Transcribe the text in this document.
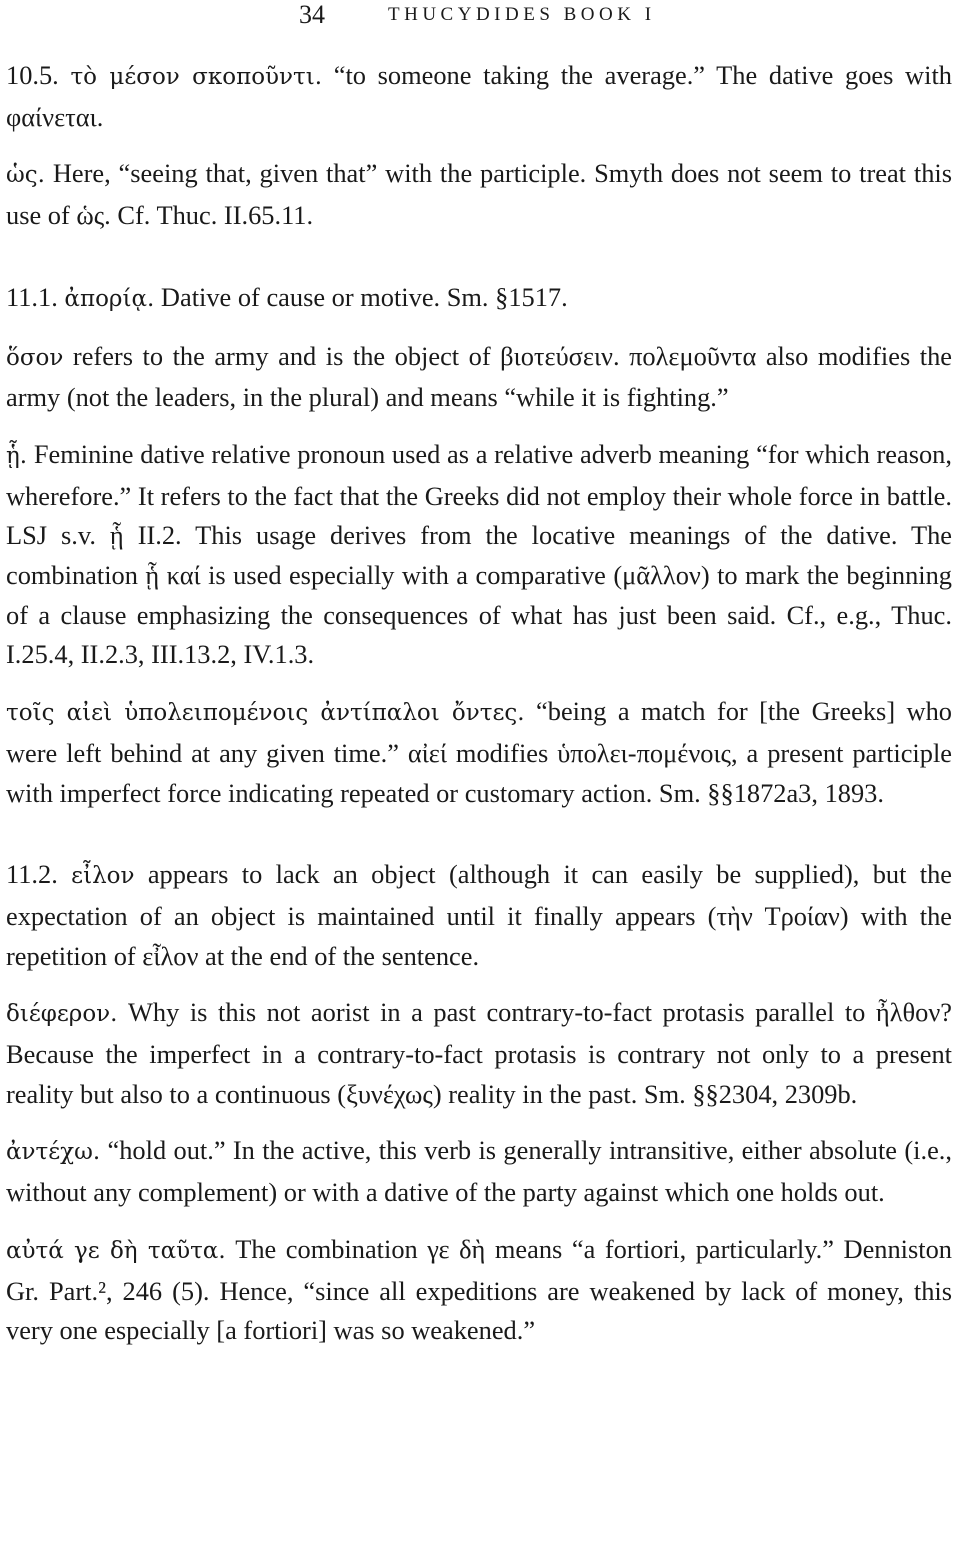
34	THUCYDIDES BOOK I

10.5. τὸ μέσον σκοποῦντι. “to someone taking the average.” The dative goes with φαίνεται.

ὡς. Here, “seeing that, given that” with the participle. Smyth does not seem to treat this use of ὡς. Cf. Thuc. II.65.11.

11.1. ἀπορίᾳ. Dative of cause or motive. Sm. §1517.

ὅσον refers to the army and is the object of βιοτεύσειν. πολεμοῦντα also modifies the army (not the leaders, in the plural) and means “while it is fighting.”

ᾗ. Feminine dative relative pronoun used as a relative adverb meaning “for which reason, wherefore.” It refers to the fact that the Greeks did not employ their whole force in battle. LSJ s.v. ᾗ II.2. This usage derives from the locative meanings of the dative. The combination ᾗ καί is used especially with a comparative (μᾶλλον) to mark the beginning of a clause emphasizing the consequences of what has just been said. Cf., e.g., Thuc. I.25.4, II.2.3, III.13.2, IV.1.3.

τοῖς αἰεὶ ὑπολειπομένοις ἀντίπαλοι ὄντες. “being a match for [the Greeks] who were left behind at any given time.” αἰεί modifies ὑπολει-πομένοις, a present participle with imperfect force indicating repeated or customary action. Sm. §§1872a3, 1893.

11.2. εἶλον appears to lack an object (although it can easily be supplied), but the expectation of an object is maintained until it finally appears (τὴν Τροίαν) with the repetition of εἶλον at the end of the sentence.

διέφερον. Why is this not aorist in a past contrary-to-fact protasis parallel to ἦλθον? Because the imperfect in a contrary-to-fact protasis is contrary not only to a present reality but also to a continuous (ξυνέχως) reality in the past. Sm. §§2304, 2309b.

ἀντέχω. “hold out.” In the active, this verb is generally intransitive, either absolute (i.e., without any complement) or with a dative of the party against which one holds out.

αὐτά γε δὴ ταῦτα. The combination γε δὴ means “a fortiori, particularly.” Denniston Gr. Part.², 246 (5). Hence, “since all expeditions are weakened by lack of money, this very one especially [a fortiori] was so weakened.”
